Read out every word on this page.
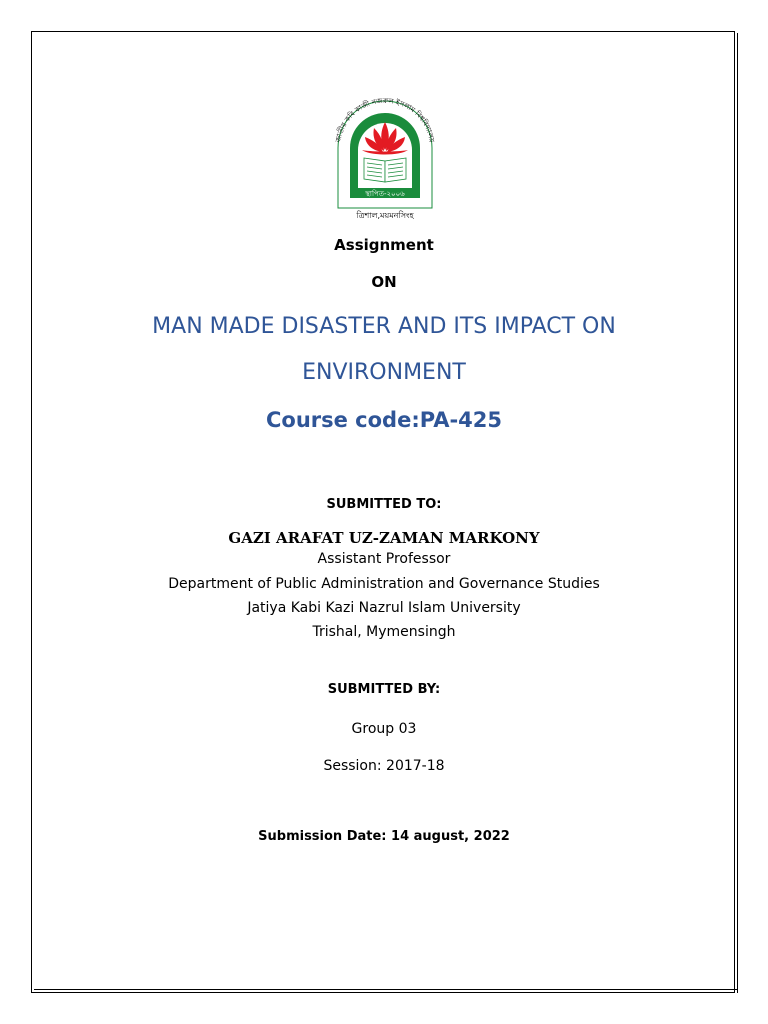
স্থাপিত-২০০৬
জাতীয় কবি কাজী নজরুল ইসলাম বিশ্ববিদ্যালয়
ত্রিশাল,ময়মনসিংহ
Assignment
ON
MAN MADE DISASTER AND ITS IMPACT ON
ENVIRONMENT
Course code:PA-425
SUBMITTED TO:
GAZI ARAFAT UZ-ZAMAN MARKONY
Assistant Professor
Department of Public Administration and Governance Studies
Jatiya Kabi Kazi Nazrul Islam University
Trishal, Mymensingh
SUBMITTED BY:
Group 03
Session: 2017-18
Submission Date: 14 august, 2022
